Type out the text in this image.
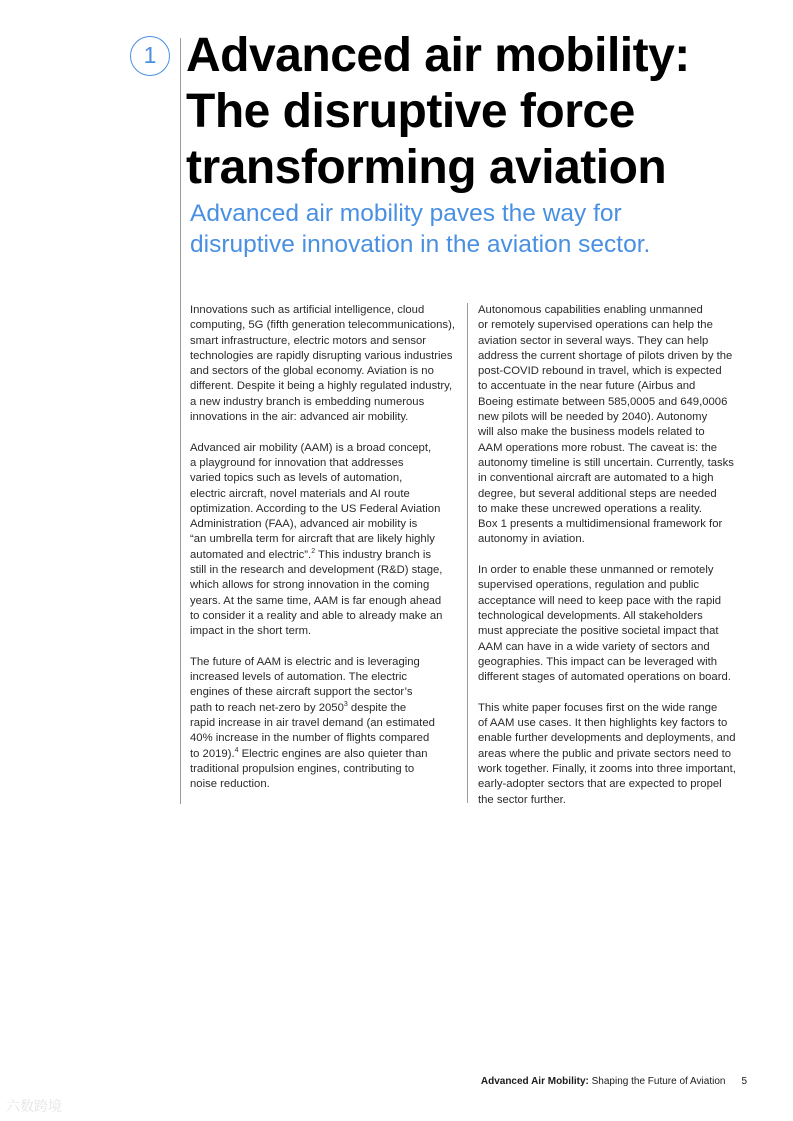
1 Advanced air mobility:
The disruptive force
transforming aviation
Advanced air mobility paves the way for
disruptive innovation in the aviation sector.

Innovations such as artificial intelligence, cloud
computing, 5G (fifth generation telecommunications),
smart infrastructure, electric motors and sensor
technologies are rapidly disrupting various industries
and sectors of the global economy. Aviation is no
different. Despite it being a highly regulated industry,
a new industry branch is embedding numerous
innovations in the air: advanced air mobility.

Advanced air mobility (AAM) is a broad concept,
a playground for innovation that addresses
varied topics such as levels of automation,
electric aircraft, novel materials and AI route
optimization. According to the US Federal Aviation
Administration (FAA), advanced air mobility is
“an umbrella term for aircraft that are likely highly
automated and electric”.$^2$ This industry branch is
still in the research and development (R&D) stage,
which allows for strong innovation in the coming
years. At the same time, AAM is far enough ahead
to consider it a reality and able to already make an
impact in the short term.

The future of AAM is electric and is leveraging
increased levels of automation. The electric
engines of these aircraft support the sector’s
path to reach net-zero by 2050$^3$ despite the
rapid increase in air travel demand (an estimated
40% increase in the number of flights compared
to 2019).$^4$ Electric engines are also quieter than
traditional propulsion engines, contributing to
noise reduction.

Autonomous capabilities enabling unmanned
or remotely supervised operations can help the
aviation sector in several ways. They can help
address the current shortage of pilots driven by the
post-COVID rebound in travel, which is expected
to accentuate in the near future (Airbus and
Boeing estimate between 585,0005 and 649,0006
new pilots will be needed by 2040). Autonomy
will also make the business models related to
AAM operations more robust. The caveat is: the
autonomy timeline is still uncertain. Currently, tasks
in conventional aircraft are automated to a high
degree, but several additional steps are needed
to make these uncrewed operations a reality.
Box 1 presents a multidimensional framework for
autonomy in aviation.

In order to enable these unmanned or remotely
supervised operations, regulation and public
acceptance will need to keep pace with the rapid
technological developments. All stakeholders
must appreciate the positive societal impact that
AAM can have in a wide variety of sectors and
geographies. This impact can be leveraged with
different stages of automated operations on board.

This white paper focuses first on the wide range
of AAM use cases. It then highlights key factors to
enable further developments and deployments, and
areas where the public and private sectors need to
work together. Finally, it zooms into three important,
early-adopter sectors that are expected to propel
the sector further.

Advanced Air Mobility: Shaping the Future of Aviation 5
六数跨境
